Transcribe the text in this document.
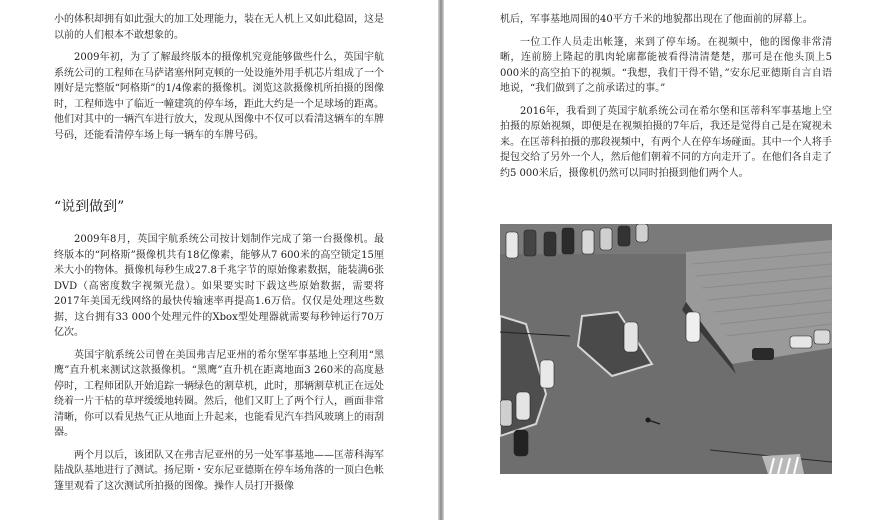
小的体积却拥有如此强大的加工处理能力，装在无人机上又如此稳固，这是以前的人们根本不敢想象的。

2009年初，为了了解最终版本的摄像机究竟能够做些什么，英国宇航系统公司的工程师在马萨诸塞州阿克顿的一处设施外用手机芯片组成了一个刚好是完整版“阿格斯”的1/4像素的摄像机。浏览这款摄像机所拍摄的图像时，工程师选中了临近一幢建筑的停车场，距此大约是一个足球场的距离。他们对其中的一辆汽车进行放大，发现从图像中不仅可以看清这辆车的车牌号码，还能看清停车场上每一辆车的车牌号码。

“说到做到”

2009年8月，英国宇航系统公司按计划制作完成了第一台摄像机。最终版本的“阿格斯”摄像机共有18亿像素，能够从7 600米的高空锁定15厘米大小的物体。摄像机每秒生成27.8千兆字节的原始像素数据，能装满6张DVD（高密度数字视频光盘）。如果要实时下载这些原始数据，需要将2017年美国无线网络的最快传输速率再提高1.6万倍。仅仅是处理这些数据，这台拥有33 000个处理元件的Xbox型处理器就需要每秒钟运行70万亿次。

英国宇航系统公司曾在美国弗吉尼亚州的希尔堡军事基地上空利用“黑鹰”直升机来测试这款摄像机。“黑鹰”直升机在距离地面3 260米的高度悬停时，工程师团队开始追踪一辆绿色的割草机，此时，那辆割草机正在远处绕着一片干枯的草坪缓缓地转圈。然后，他们又盯上了两个行人，画面非常清晰，你可以看见热气正从地面上升起来，也能看见汽车挡风玻璃上的雨刮器。

两个月以后，该团队又在弗吉尼亚州的另一处军事基地——匡蒂科海军陆战队基地进行了测试。扬尼斯・安东尼亚德斯在停车场角落的一顶白色帐篷里观看了这次测试所拍摄的图像。操作人员打开摄像

机后，军事基地周围的40平方千米的地貌都出现在了他面前的屏幕上。

一位工作人员走出帐篷，来到了停车场。在视频中，他的图像非常清晰，连前膀上隆起的肌肉轮廓都能被看得清清楚楚，那可是在他头顶上5 000米的高空拍下的视频。“我想，我们干得不错，”安东尼亚德斯自言自语地说，“我们做到了之前承诺过的事。”

2016年，我看到了英国宇航系统公司在希尔堡和匡蒂科军事基地上空拍摄的原始视频，即便是在视频拍摄的7年后，我还是觉得自己是在窥视未来。在匡蒂科拍摄的那段视频中，有两个人在停车场碰面。其中一个人将手提包交给了另外一个人，然后他们朝着不同的方向走开了。在他们各自走了约5 000米后，摄像机仍然可以同时拍摄到他们两个人。
